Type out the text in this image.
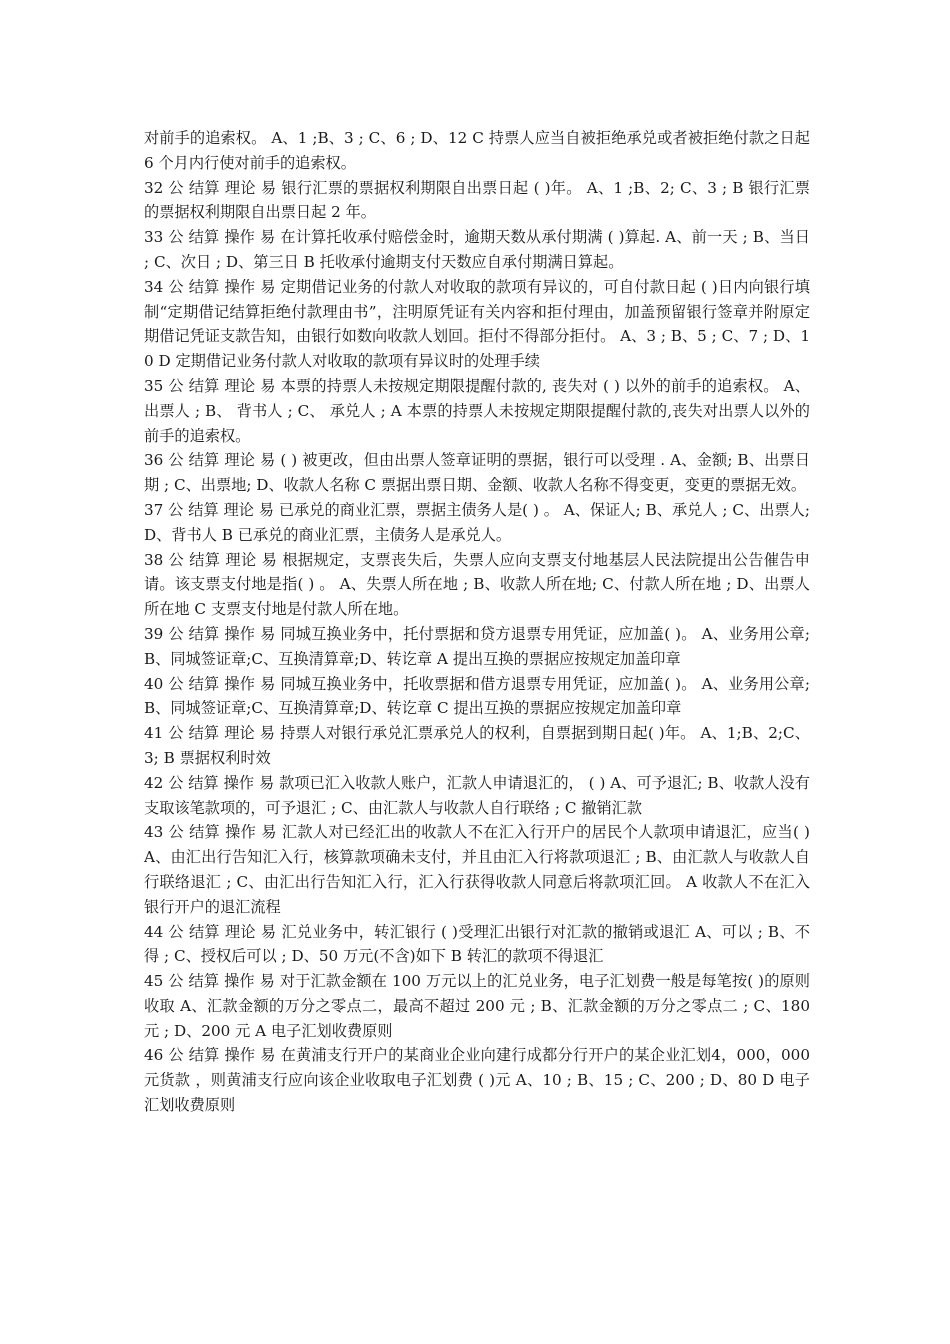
对前手的追索权。 A、1 ;B、3 ; C、6 ; D、12 C 持票人应当自被拒绝承兑或者被拒绝付款之日起 6 个月内行使对前手的追索权。

32 公 结算 理论 易 银行汇票的票据权利期限自出票日起 ( )年。 A、1 ;B、2; C、3 ; B 银行汇票的票据权利期限自出票日起 2 年。

33 公 结算 操作 易 在计算托收承付赔偿金时，逾期天数从承付期满 ( )算起. A、前一天 ; B、当日 ; C、次日 ; D、第三日 B 托收承付逾期支付天数应自承付期满日算起。

34 公 结算 操作 易 定期借记业务的付款人对收取的款项有异议的，可自付款日起 ( )日内向银行填制“定期借记结算拒绝付款理由书”，注明原凭证有关内容和拒付理由，加盖预留银行签章并附原定期借记凭证支款告知，由银行如数向收款人划回。拒付不得部分拒付。 A、3 ; B、5 ; C、7 ; D、10 D 定期借记业务付款人对收取的款项有异议时的处理手续

35 公 结算 理论 易 本票的持票人未按规定期限提醒付款的, 丧失对 ( ) 以外的前手的追索权。 A、 出票人 ; B、 背书人 ; C、 承兑人 ; A 本票的持票人未按规定期限提醒付款的,丧失对出票人以外的前手的追索权。

36 公 结算 理论 易 ( ) 被更改，但由出票人签章证明的票据，银行可以受理 . A、金额; B、出票日期 ; C、出票地; D、收款人名称 C 票据出票日期、金额、收款人名称不得变更，变更的票据无效。

37 公 结算 理论 易 已承兑的商业汇票，票据主债务人是( ) 。 A、保证人; B、承兑人 ; C、出票人; D、背书人 B 已承兑的商业汇票，主债务人是承兑人。

38 公 结算 理论 易 根据规定，支票丧失后，失票人应向支票支付地基层人民法院提出公告催告申请。该支票支付地是指( ) 。 A、失票人所在地 ; B、收款人所在地; C、付款人所在地 ; D、出票人所在地 C 支票支付地是付款人所在地。

39 公 结算 操作 易 同城互换业务中，托付票据和贷方退票专用凭证，应加盖( )。 A、业务用公章;B、同城签证章;C、互换清算章;D、转讫章 A 提出互换的票据应按规定加盖印章

40 公 结算 操作 易 同城互换业务中，托收票据和借方退票专用凭证，应加盖( )。 A、业务用公章;B、同城签证章;C、互换清算章;D、转讫章 C 提出互换的票据应按规定加盖印章

41 公 结算 理论 易 持票人对银行承兑汇票承兑人的权利，自票据到期日起( )年。 A、1;B、2;C、3; B 票据权利时效

42 公 结算 操作 易 款项已汇入收款人账户，汇款人申请退汇的， ( ) A、可予退汇; B、收款人没有支取该笔款项的，可予退汇 ; C、由汇款人与收款人自行联络 ; C 撤销汇款

43 公 结算 操作 易 汇款人对已经汇出的收款人不在汇入行开户的居民个人款项申请退汇，应当( ) A、由汇出行告知汇入行，核算款项确未支付，并且由汇入行将款项退汇 ; B、由汇款人与收款人自行联络退汇 ; C、由汇出行告知汇入行，汇入行获得收款人同意后将款项汇回。 A 收款人不在汇入银行开户的退汇流程

44 公 结算 理论 易 汇兑业务中，转汇银行 ( )受理汇出银行对汇款的撤销或退汇 A、可以 ; B、不得 ; C、授权后可以 ; D、50 万元(不含)如下 B 转汇的款项不得退汇

45 公 结算 操作 易 对于汇款金额在 100 万元以上的汇兑业务，电子汇划费一般是每笔按( )的原则收取 A、汇款金额的万分之零点二，最高不超过 200 元 ; B、汇款金额的万分之零点二 ; C、180 元 ; D、200 元 A 电子汇划收费原则

46 公 结算 操作 易 在黄浦支行开户的某商业企业向建行成都分行开户的某企业汇划4，000，000 元货款 ，则黄浦支行应向该企业收取电子汇划费 ( )元 A、10 ; B、15 ; C、200 ; D、80 D 电子汇划收费原则
